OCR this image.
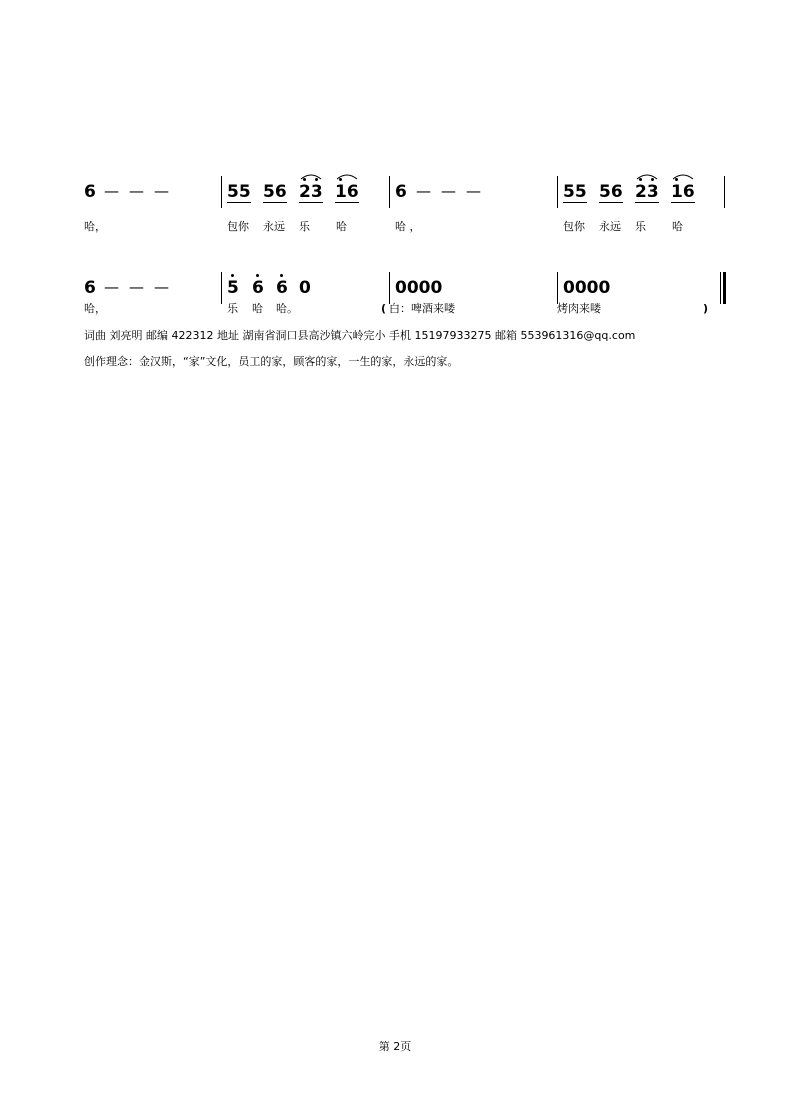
6 — — —
哈，
55 56 23 16
包你 永远 乐 哈
6 — — —
哈 ，
55 56 23 16
包你 永远 乐 哈
6 — — —
哈，
5 6 6 0
乐 哈 哈。
0000
( 白：啤酒来喽
0000
烤肉来喽	)
词曲 刘亮明 邮编 422312 地址 湖南省洞口县高沙镇六岭完小 手机 15197933275 邮箱 553961316@qq.com
创作理念：金汉斯，“家”文化，员工的家，顾客的家，一生的家，永远的家。
第 2页
